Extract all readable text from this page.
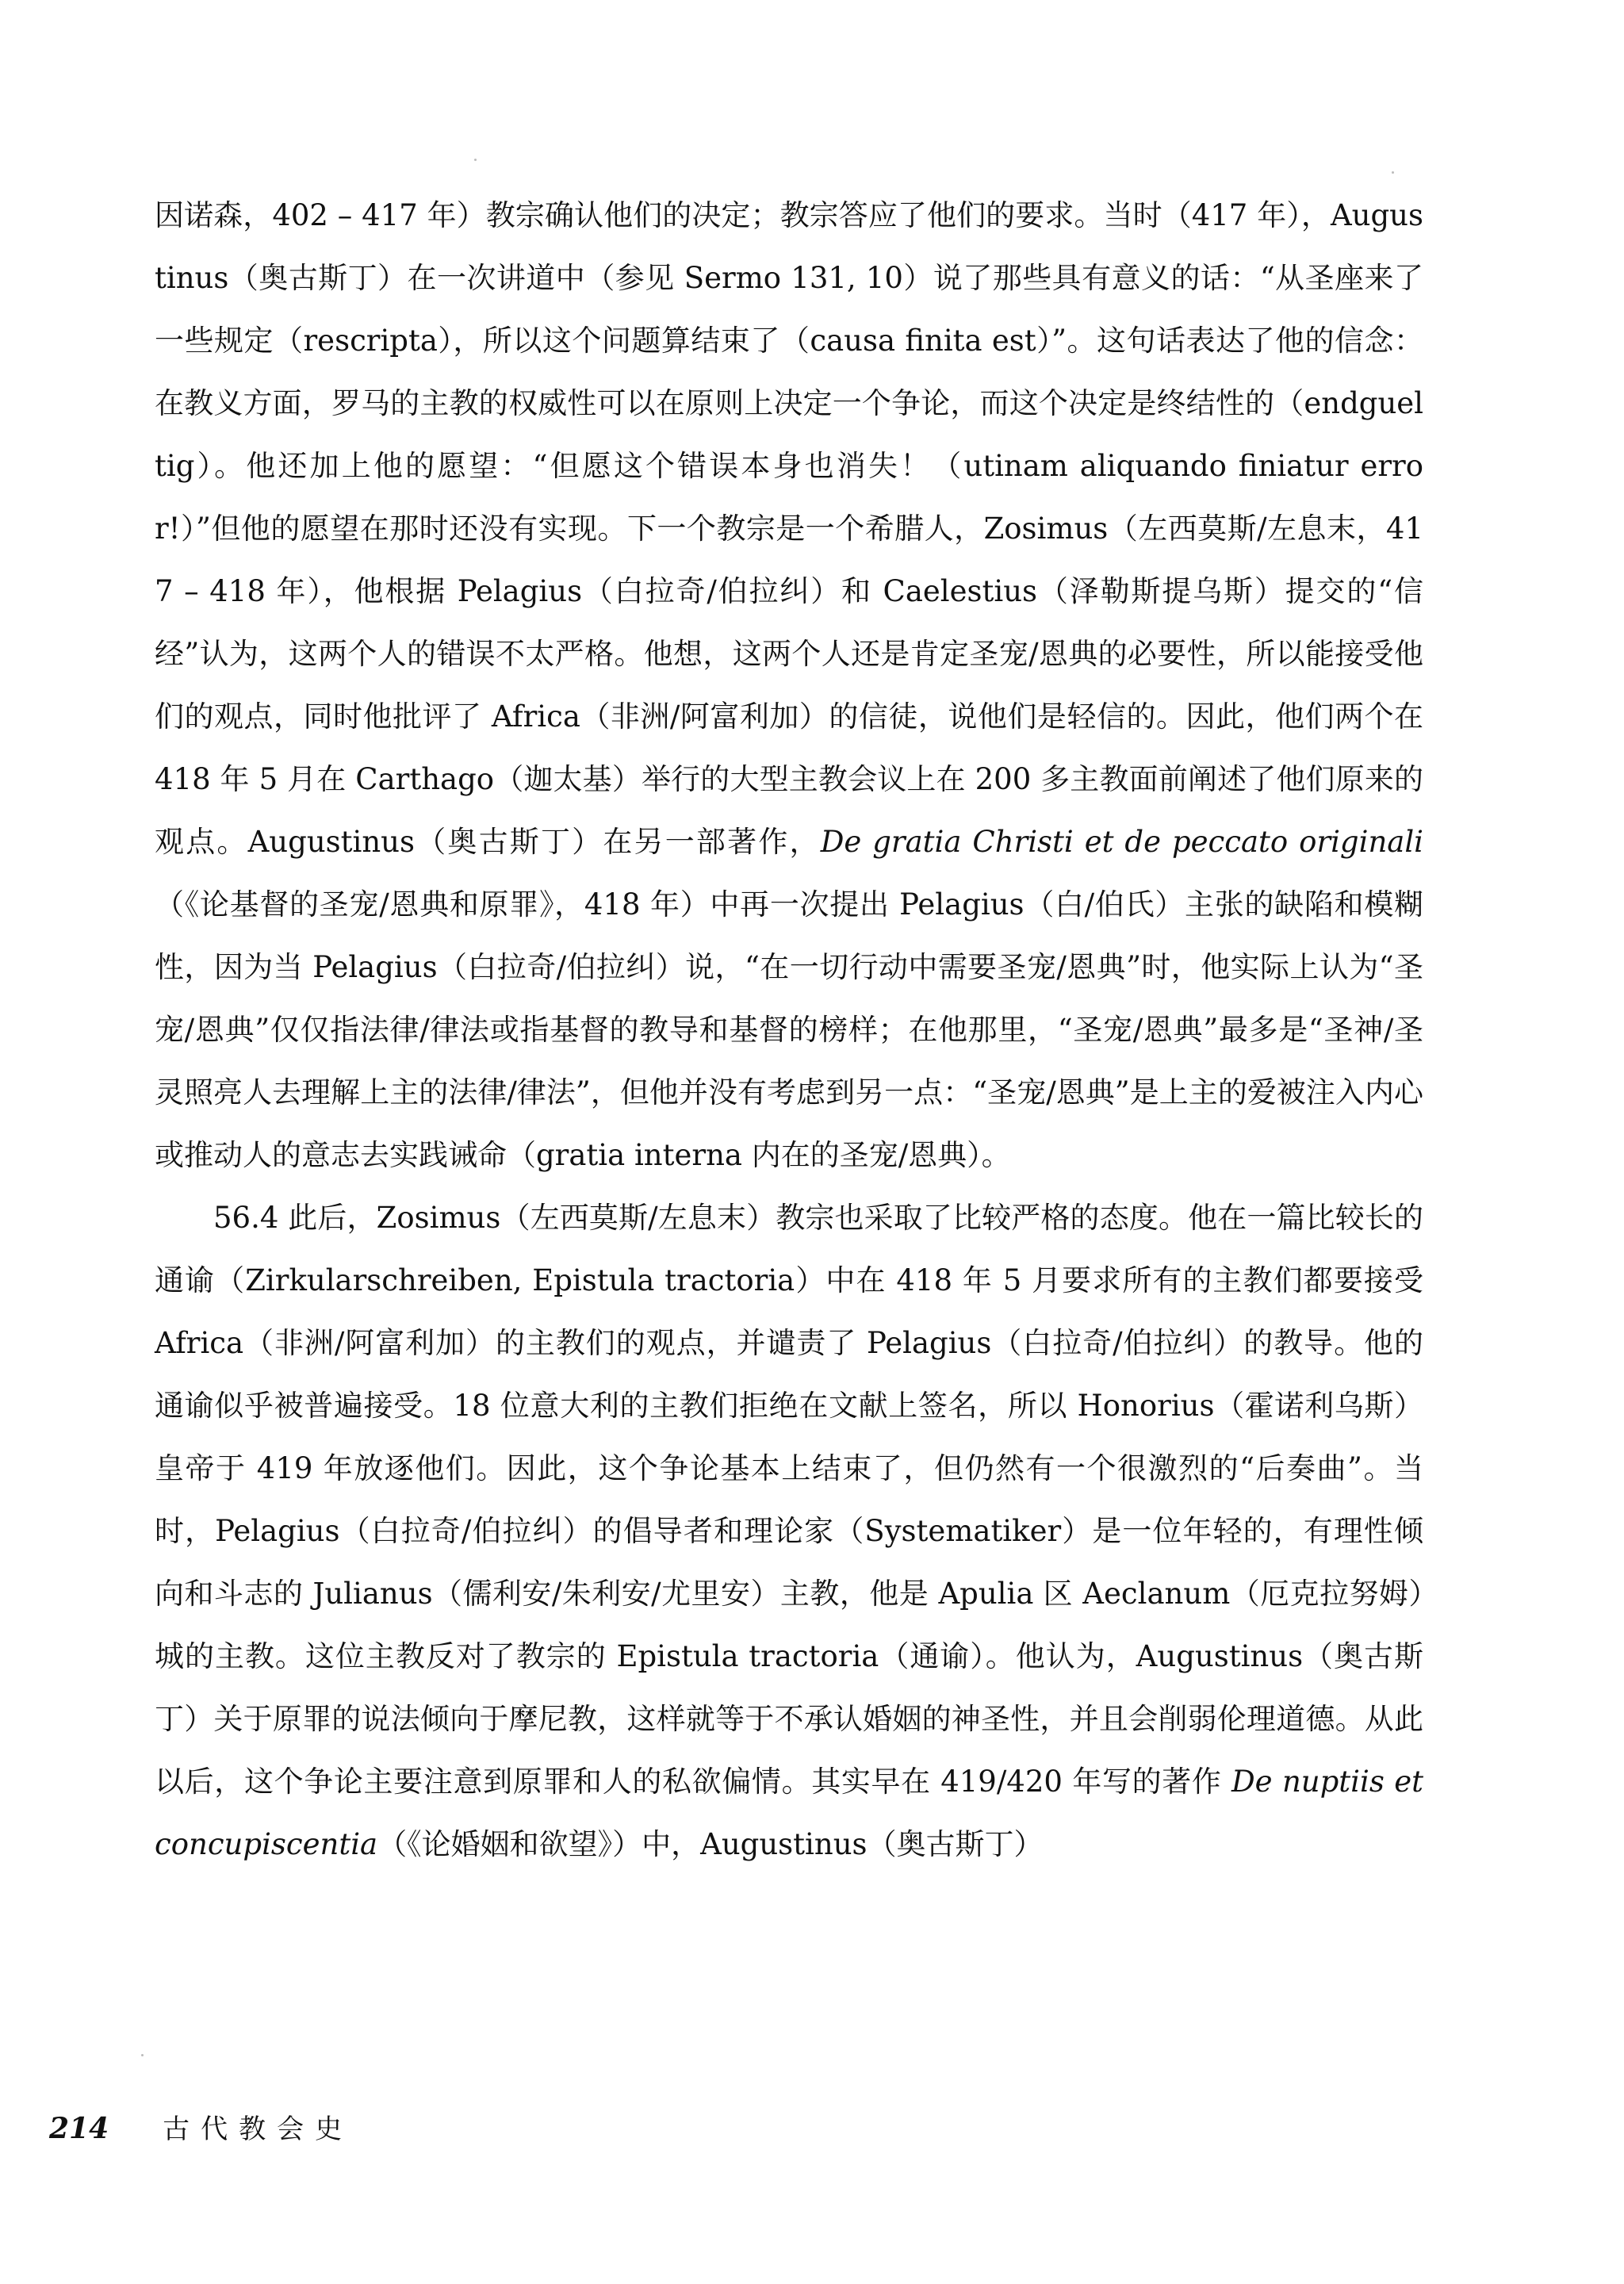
因诺森，402 – 417 年）教宗确认他们的决定；教宗答应了他们的要求。当时（417 年），Augustinus（奥古斯丁）在一次讲道中（参见 Sermo 131, 10）说了那些具有意义的话：“从圣座来了一些规定（rescripta），所以这个问题算结束了（causa finita est）”。这句话表达了他的信念：在教义方面，罗马的主教的权威性可以在原则上决定一个争论，而这个决定是终结性的（endgueltig）。他还加上他的愿望：“但愿这个错误本身也消失！（utinam aliquando finiatur error!）”但他的愿望在那时还没有实现。下一个教宗是一个希腊人，Zosimus（左西莫斯/左息末，417 – 418 年），他根据 Pelagius（白拉奇/伯拉纠）和 Caelestius（泽勒斯提乌斯）提交的“信经”认为，这两个人的错误不太严格。他想，这两个人还是肯定圣宠/恩典的必要性，所以能接受他们的观点，同时他批评了 Africa（非洲/阿富利加）的信徒，说他们是轻信的。因此，他们两个在 418 年 5 月在 Carthago（迦太基）举行的大型主教会议上在 200 多主教面前阐述了他们原来的观点。Augustinus（奥古斯丁）在另一部著作，De gratia Christi et de peccato originali（《论基督的圣宠/恩典和原罪》，418 年）中再一次提出 Pelagius（白/伯氏）主张的缺陷和模糊性，因为当 Pelagius（白拉奇/伯拉纠）说，“在一切行动中需要圣宠/恩典”时，他实际上认为“圣宠/恩典”仅仅指法律/律法或指基督的教导和基督的榜样；在他那里，“圣宠/恩典”最多是“圣神/圣灵照亮人去理解上主的法律/律法”，但他并没有考虑到另一点：“圣宠/恩典”是上主的爱被注入内心或推动人的意志去实践诫命（gratia interna 内在的圣宠/恩典）。

56.4 此后，Zosimus（左西莫斯/左息末）教宗也采取了比较严格的态度。他在一篇比较长的通谕（Zirkularschreiben, Epistula tractoria）中在 418 年 5 月要求所有的主教们都要接受 Africa（非洲/阿富利加）的主教们的观点，并谴责了 Pelagius（白拉奇/伯拉纠）的教导。他的通谕似乎被普遍接受。18 位意大利的主教们拒绝在文献上签名，所以 Honorius（霍诺利乌斯）皇帝于 419 年放逐他们。因此，这个争论基本上结束了，但仍然有一个很激烈的“后奏曲”。当时，Pelagius（白拉奇/伯拉纠）的倡导者和理论家（Systematiker）是一位年轻的，有理性倾向和斗志的 Julianus（儒利安/朱利安/尤里安）主教，他是 Apulia 区 Aeclanum（厄克拉努姆）城的主教。这位主教反对了教宗的 Epistula tractoria（通谕）。他认为，Augustinus（奥古斯丁）关于原罪的说法倾向于摩尼教，这样就等于不承认婚姻的神圣性，并且会削弱伦理道德。从此以后，这个争论主要注意到原罪和人的私欲偏情。其实早在 419/420 年写的著作 De nuptiis et concupiscentia（《论婚姻和欲望》）中，Augustinus（奥古斯丁）

214 古代教会史
